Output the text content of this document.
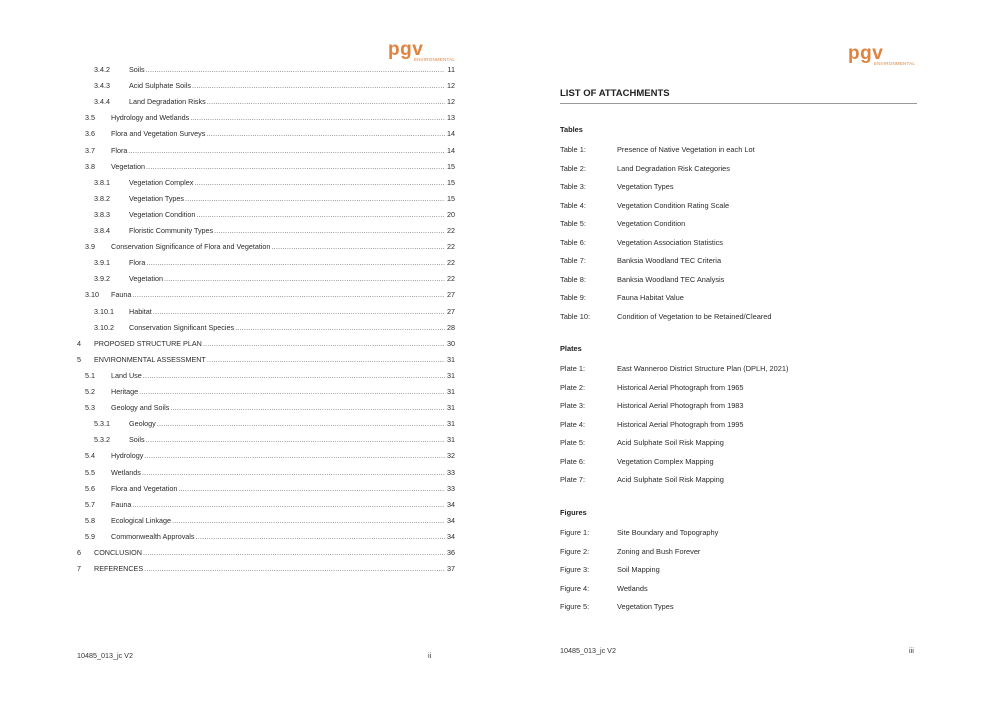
pgv
ENVIRONMENTAL
3.4.2	Soils .....	11
3.4.3	Acid Sulphate Soils .....	12
3.4.4	Land Degradation Risks .....	12
3.5 Hydrology and Wetlands .....	13
3.6 Flora and Vegetation Surveys .....	14
3.7 Flora .....	14
3.8 Vegetation .....	15
3.8.1	Vegetation Complex .....	15
3.8.2	Vegetation Types .....	15
3.8.3	Vegetation Condition .....	20
3.8.4	Floristic Community Types .....	22
3.9 Conservation Significance of Flora and Vegetation .....	22
3.9.1	Flora .....	22
3.9.2	Vegetation .....	22
3.10 Fauna .....	27
3.10.1 Habitat .....	27
3.10.2 Conservation Significant Species .....	28
4 PROPOSED STRUCTURE PLAN .....	30
5 ENVIRONMENTAL ASSESSMENT .....	31
5.1 Land Use .....	31
5.2 Heritage .....	31
5.3 Geology and Soils .....	31
5.3.1	Geology .....	31
5.3.2	Soils .....	31
5.4 Hydrology .....	32
5.5 Wetlands .....	33
5.6 Flora and Vegetation .....	33
5.7 Fauna .....	34
5.8 Ecological Linkage .....	34
5.9 Commonwealth Approvals .....	34
6 CONCLUSION .....	36
7 REFERENCES .....	37
10485_013_jc V2	ii
pgv
ENVIRONMENTAL
LIST OF ATTACHMENTS
Tables
Table 1:	Presence of Native Vegetation in each Lot
Table 2:	Land Degradation Risk Categories
Table 3:	Vegetation Types
Table 4:	Vegetation Condition Rating Scale
Table 5:	Vegetation Condition
Table 6:	Vegetation Association Statistics
Table 7:	Banksia Woodland TEC Criteria
Table 8:	Banksia Woodland TEC Analysis
Table 9:	Fauna Habitat Value
Table 10:	Condition of Vegetation to be Retained/Cleared
Plates
Plate 1:	East Wanneroo District Structure Plan (DPLH, 2021)
Plate 2:	Historical Aerial Photograph from 1965
Plate 3:	Historical Aerial Photograph from 1983
Plate 4:	Historical Aerial Photograph from 1995
Plate 5:	Acid Sulphate Soil Risk Mapping
Plate 6:	Vegetation Complex Mapping
Plate 7:	Acid Sulphate Soil Risk Mapping
Figures
Figure 1:	Site Boundary and Topography
Figure 2:	Zoning and Bush Forever
Figure 3:	Soil Mapping
Figure 4:	Wetlands
Figure 5:	Vegetation Types
10485_013_jc V2	iii
